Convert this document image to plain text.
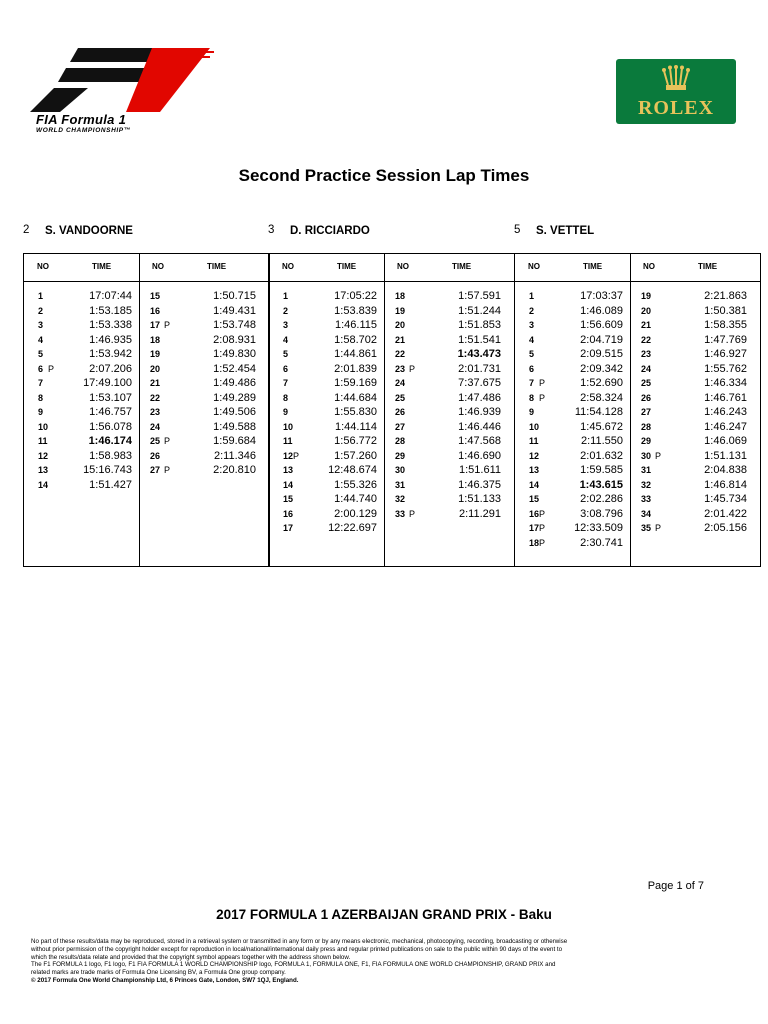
FIA Formula 1
WORLD CHAMPIONSHIP™
ROLEX
Second Practice Session Lap Times
2 S. VANDOORNE
NO	TIME	NO	TIME
1	17:07:44
2	1:53.185
3	1:53.338
4	1:46.935
5	1:53.942
6 P	2:07.206
7	17:49.100
8	1:53.107
9	1:46.757
10	1:56.078
11	1:46.174
12	1:58.983
13	15:16.743
14	1:51.427
15	1:50.715
16	1:49.431
17 P	1:53.748
18	2:08.931
19	1:49.830
20	1:52.454
21	1:49.486
22	1:49.289
23	1:49.506
24	1:49.588
25 P	1:59.684
26	2:11.346
27 P	2:20.810
3 D. RICCIARDO
NO	TIME	NO	TIME
1	17:05:22
2	1:53.839
3	1:46.115
4	1:58.702
5	1:44.861
6	2:01.839
7	1:59.169
8	1:44.684
9	1:55.830
10	1:44.114
11	1:56.772
12 P	1:57.260
13	12:48.674
14	1:55.326
15	1:44.740
16	2:00.129
17	12:22.697
18	1:57.591
19	1:51.244
20	1:51.853
21	1:51.541
22	1:43.473
23 P	2:01.731
24	7:37.675
25	1:47.486
26	1:46.939
27	1:46.446
28	1:47.568
29	1:46.690
30	1:51.611
31	1:46.375
32	1:51.133
33 P	2:11.291
5 S. VETTEL
NO	TIME	NO	TIME
1	17:03:37
2	1:46.089
3	1:56.609
4	2:04.719
5	2:09.515
6	2:09.342
7 P	1:52.690
8 P	2:58.324
9	11:54.128
10	1:45.672
11	2:11.550
12	2:01.632
13	1:59.585
14	1:43.615
15	2:02.286
16 P	3:08.796
17 P	12:33.509
18 P	2:30.741
19	2:21.863
20	1:50.381
21	1:58.355
22	1:47.769
23	1:46.927
24	1:55.762
25	1:46.334
26	1:46.761
27	1:46.243
28	1:46.247
29	1:46.069
30 P	1:51.131
31	2:04.838
32	1:46.814
33	1:45.734
34	2:01.422
35 P	2:05.156
Page 1 of 7
2017 FORMULA 1 AZERBAIJAN GRAND PRIX - Baku
No part of these results/data may be reproduced, stored in a retrieval system or transmitted in any form or by any means electronic, mechanical, photocopying, recording, broadcasting or otherwise
without prior permission of the copyright holder except for reproduction in local/national/international daily press and regular printed publications on sale to the public within 90 days of the event to
which the results/data relate and provided that the copyright symbol appears together with the address shown below.
The F1 FORMULA 1 logo, F1 logo, F1 FIA FORMULA 1 WORLD CHAMPIONSHIP logo, FORMULA 1, FORMULA ONE, F1, FIA FORMULA ONE WORLD CHAMPIONSHIP, GRAND PRIX and
related marks are trade marks of Formula One Licensing BV, a Formula One group company.
© 2017 Formula One World Championship Ltd, 6 Princes Gate, London, SW7 1QJ, England.
